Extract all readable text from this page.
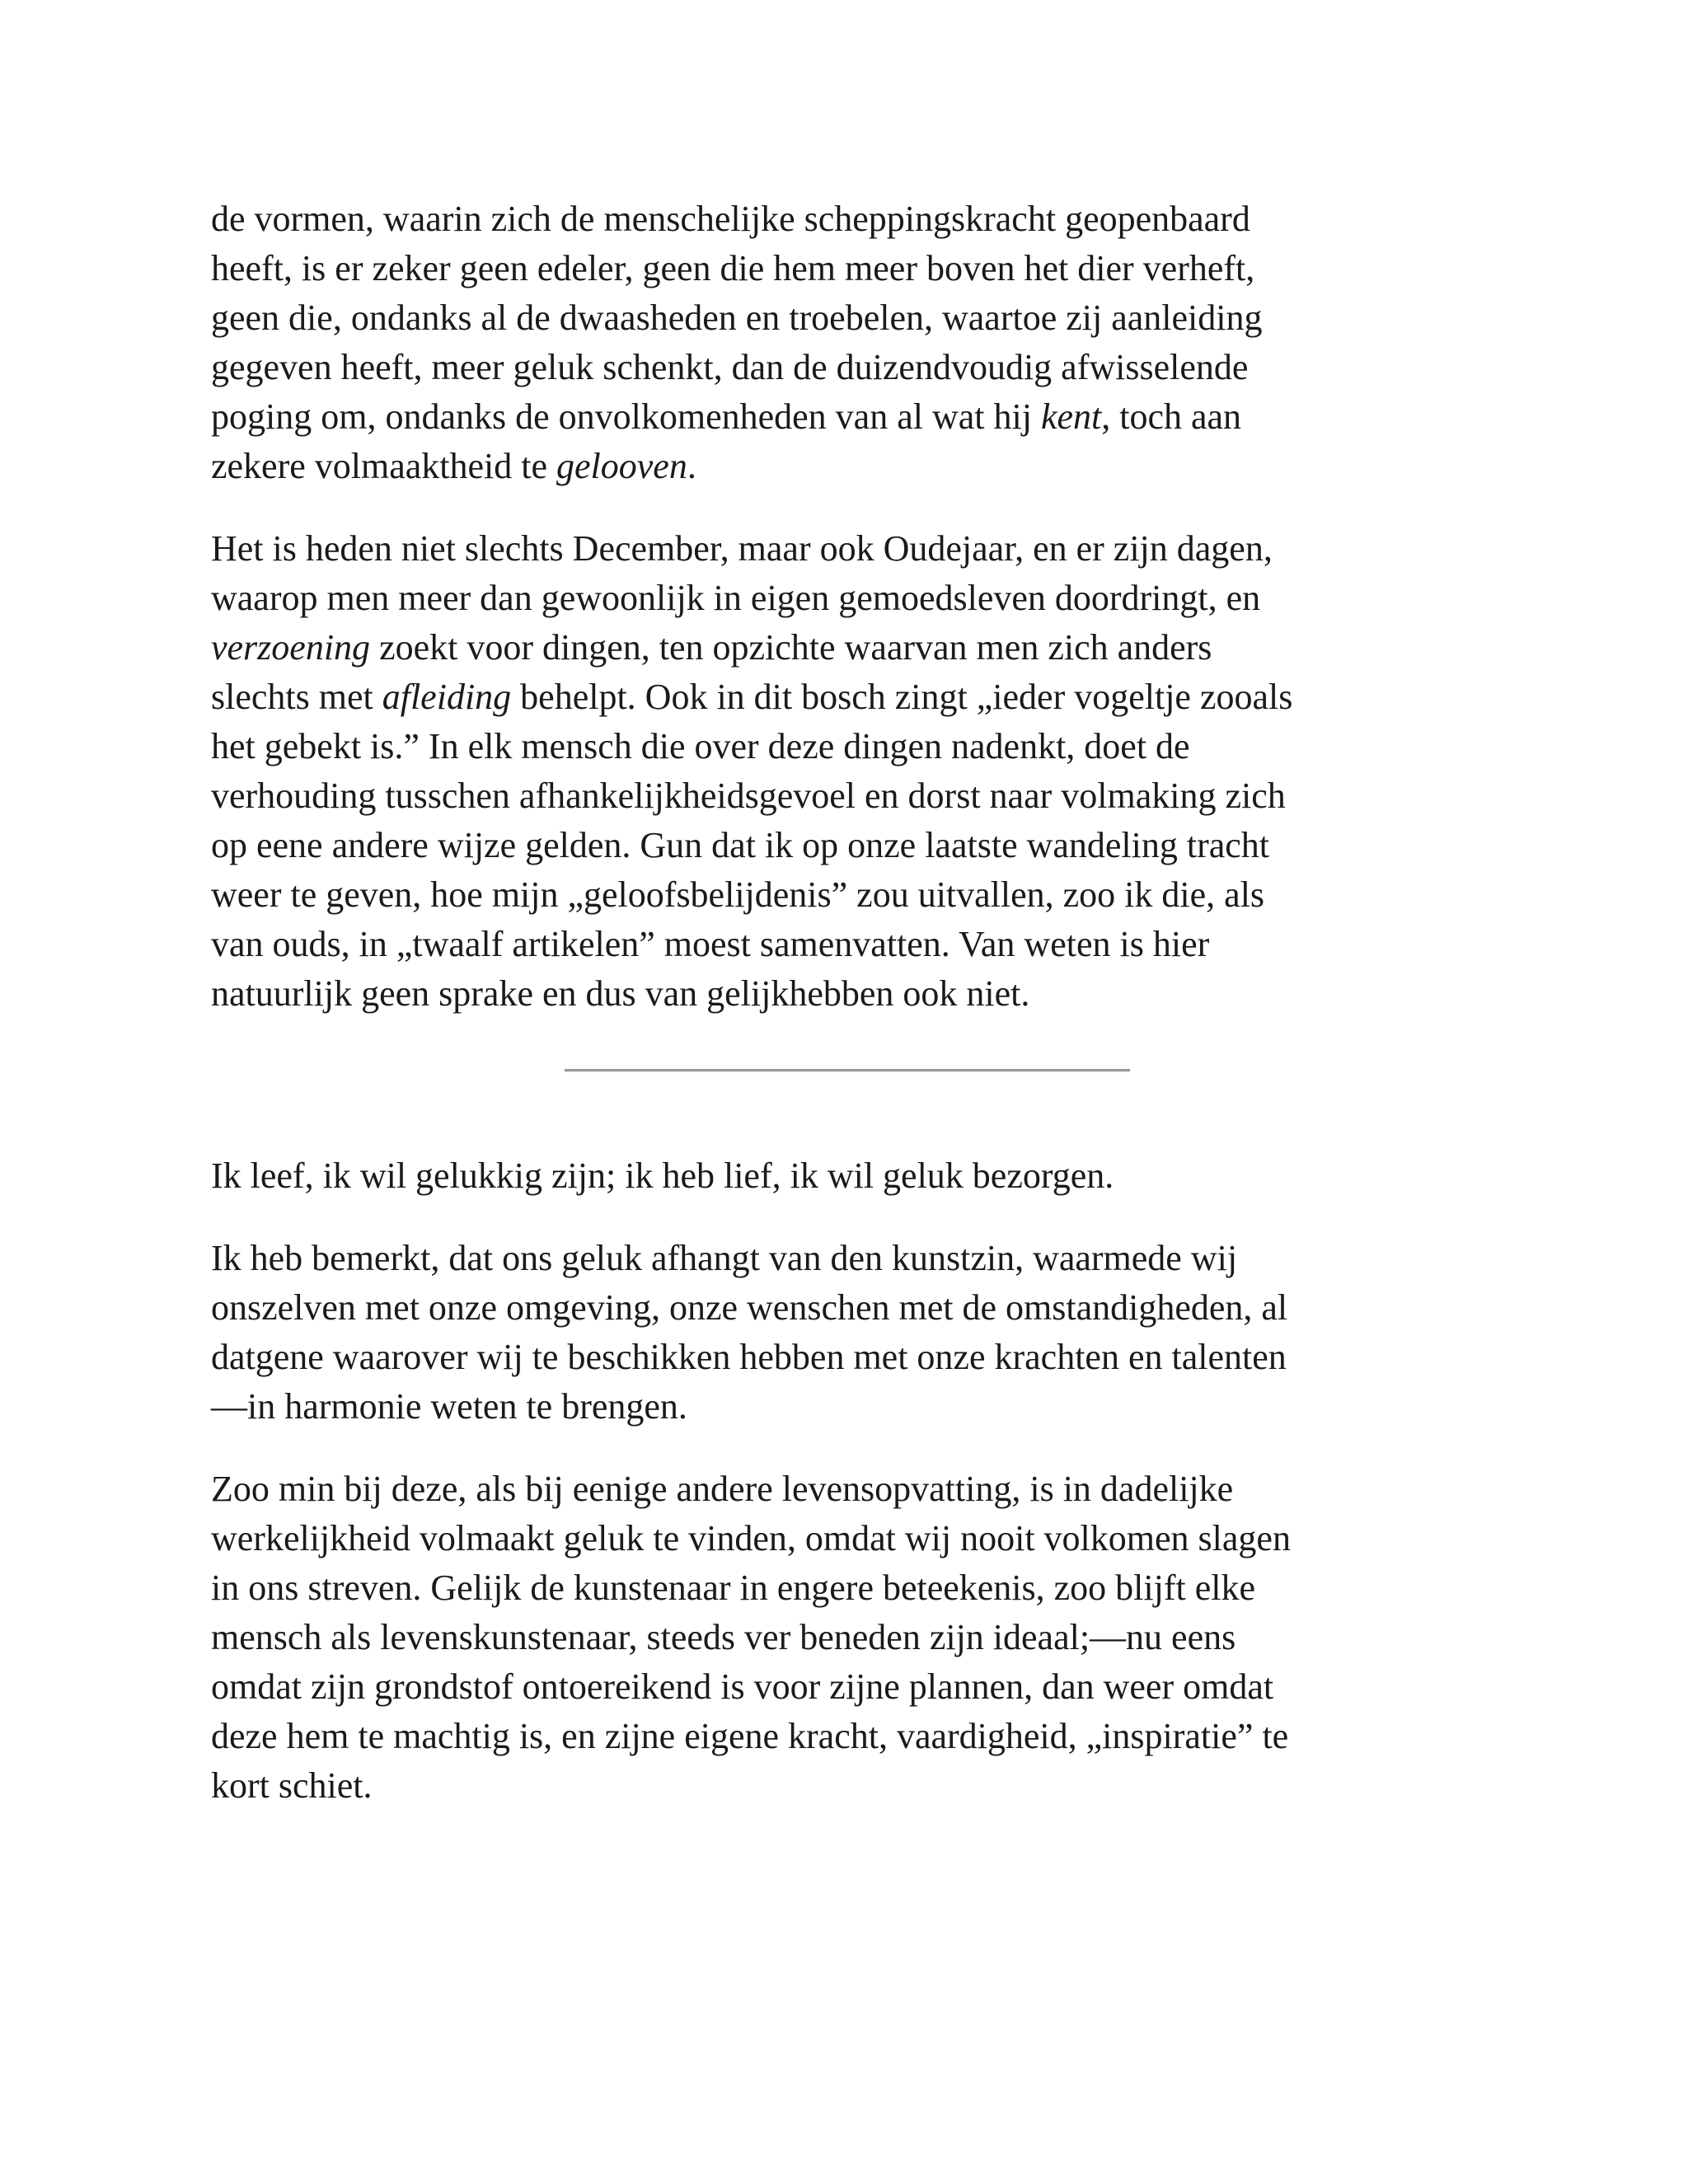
de vormen, waarin zich de menschelijke scheppingskracht geopenbaard
heeft, is er zeker geen edeler, geen die hem meer boven het dier verheft,
geen die, ondanks al de dwaasheden en troebelen, waartoe zij aanleiding
gegeven heeft, meer geluk schenkt, dan de duizendvoudig afwisselende
poging om, ondanks de onvolkomenheden van al wat hij kent, toch aan
zekere volmaaktheid te gelooven.

Het is heden niet slechts December, maar ook Oudejaar, en er zijn dagen,
waarop men meer dan gewoonlijk in eigen gemoedsleven doordringt, en
verzoening zoekt voor dingen, ten opzichte waarvan men zich anders
slechts met afleiding behelpt. Ook in dit bosch zingt „ieder vogeltje zooals
het gebekt is.” In elk mensch die over deze dingen nadenkt, doet de
verhouding tusschen afhankelijkheidsgevoel en dorst naar volmaking zich
op eene andere wijze gelden. Gun dat ik op onze laatste wandeling tracht
weer te geven, hoe mijn „geloofsbelijdenis” zou uitvallen, zoo ik die, als
van ouds, in „twaalf artikelen” moest samenvatten. Van weten is hier
natuurlijk geen sprake en dus van gelijkhebben ook niet.

Ik leef, ik wil gelukkig zijn; ik heb lief, ik wil geluk bezorgen.

Ik heb bemerkt, dat ons geluk afhangt van den kunstzin, waarmede wij
onszelven met onze omgeving, onze wenschen met de omstandigheden, al
datgene waarover wij te beschikken hebben met onze krachten en talenten
—in harmonie weten te brengen.

Zoo min bij deze, als bij eenige andere levensopvatting, is in dadelijke
werkelijkheid volmaakt geluk te vinden, omdat wij nooit volkomen slagen
in ons streven. Gelijk de kunstenaar in engere beteekenis, zoo blijft elke
mensch als levenskunstenaar, steeds ver beneden zijn ideaal;—nu eens
omdat zijn grondstof ontoereikend is voor zijne plannen, dan weer omdat
deze hem te machtig is, en zijne eigene kracht, vaardigheid, „inspiratie” te
kort schiet.
